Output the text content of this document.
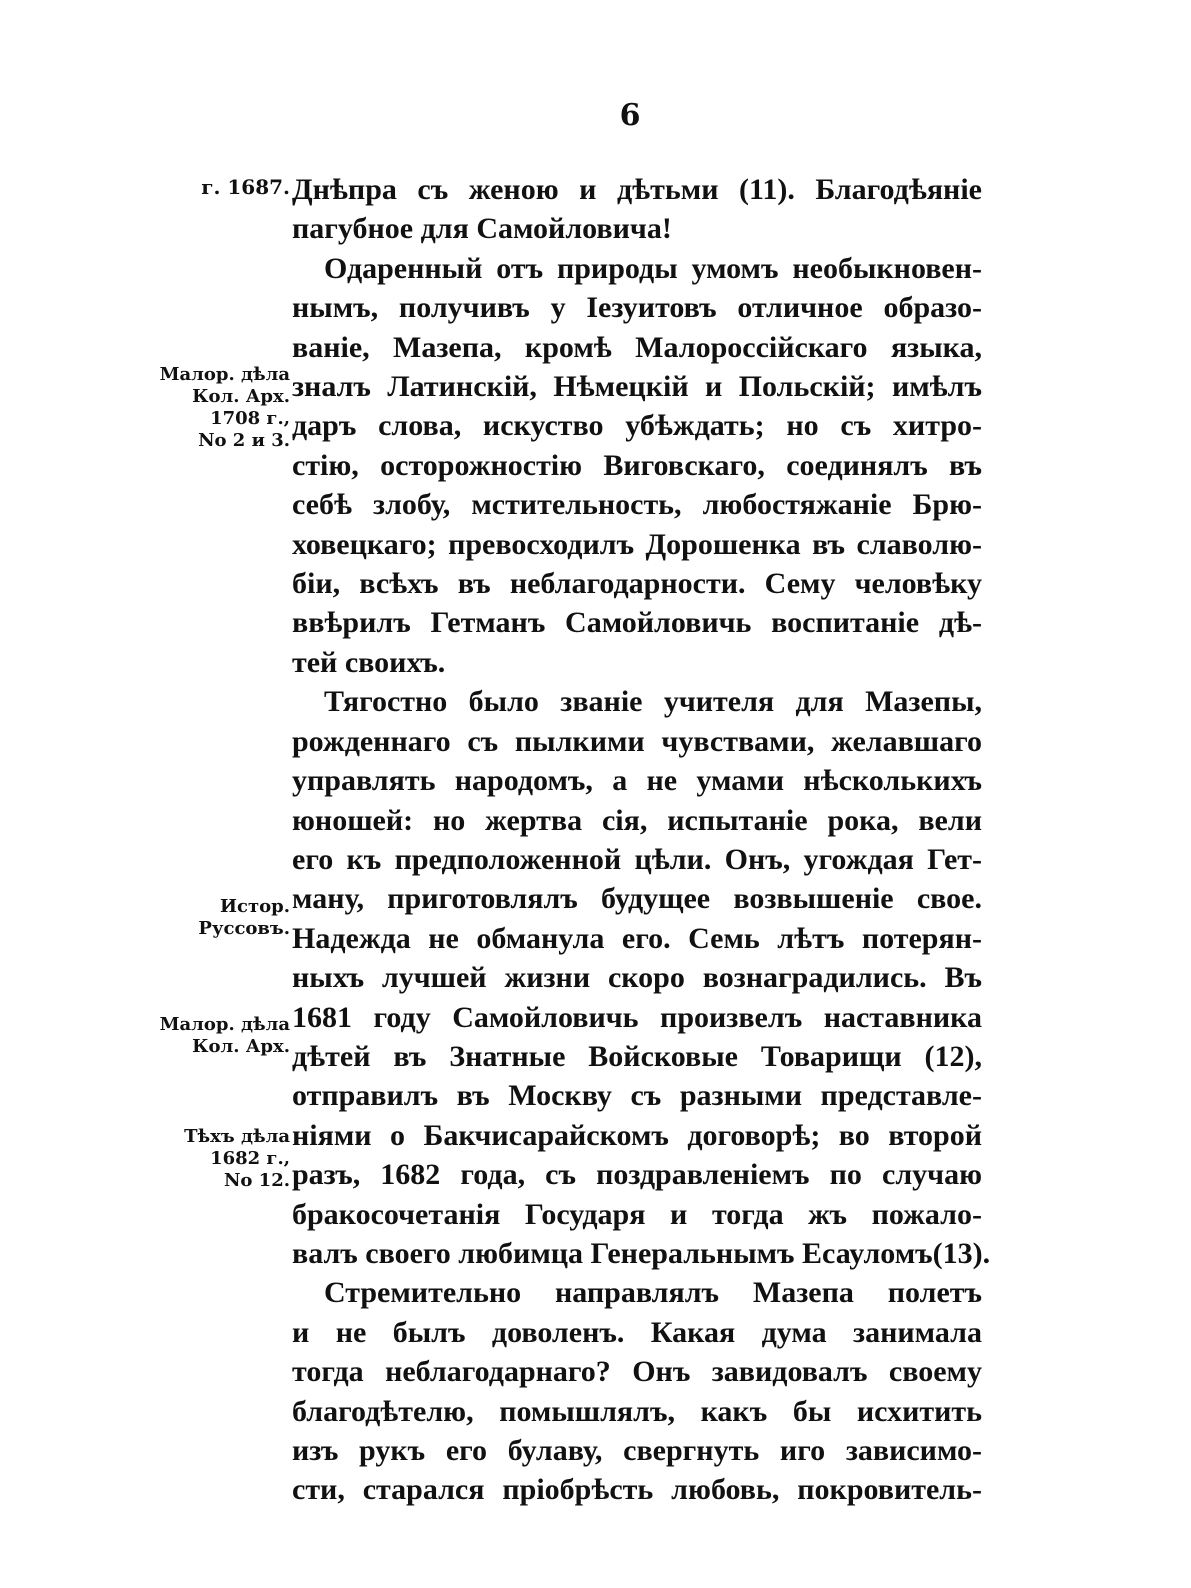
6
г. 1687.
Малор. дѣла
Кол. Арх.
1708 г.,
No 2 и 3.
Истор.
Руссовъ.
Малор. дѣла
Кол. Арх.
Тѣхъ дѣла
1682 г.,
No 12.
Днѣпра съ женою и дѣтьми (11). Благодѣяніе
пагубное для Самойловича!
Одаренный отъ природы умомъ необыкновен-
нымъ, получивъ у Іезуитовъ отличное образо-
ваніе, Мазепа, кромѣ Малороссійскаго языка,
зналъ Латинскій, Нѣмецкій и Польскій; имѣлъ
даръ слова, искуство убѣждать; но съ хитро-
стію, осторожностію Виговскаго, соединялъ въ
себѣ злобу, мстительность, любостяжаніе Брю-
ховецкаго; превосходилъ Дорошенка въ славолю-
біи, всѣхъ въ неблагодарности. Сему человѣку
ввѣрилъ Гетманъ Самойловичь воспитаніе дѣ-
тей своихъ.
Тягостно было званіе учителя для Мазепы,
рожденнаго съ пылкими чувствами, желавшаго
управлять народомъ, а не умами нѣсколькихъ
юношей: но жертва сія, испытаніе рока, вели
его къ предположенной цѣли. Онъ, угождая Гет-
ману, приготовлялъ будущее возвышеніе свое.
Надежда не обманула его. Семь лѣтъ потерян-
ныхъ лучшей жизни скоро вознаградились. Въ
1681 году Самойловичь произвелъ наставника
дѣтей въ Знатные Войсковые Товарищи (12),
отправилъ въ Москву съ разными представле-
ніями о Бакчисарайскомъ договорѣ; во второй
разъ, 1682 года, съ поздравленіемъ по случаю
бракосочетанія Государя и тогда жъ пожало-
валъ своего любимца Генеральнымъ Есауломъ(13).
Стремительно направлялъ Мазепа полетъ
и не былъ доволенъ. Какая дума занимала
тогда неблагодарнаго? Онъ завидовалъ своему
благодѣтелю, помышлялъ, какъ бы исхитить
изъ рукъ его булаву, свергнуть иго зависимо-
сти, старался пріобрѣсть любовь, покровитель-
